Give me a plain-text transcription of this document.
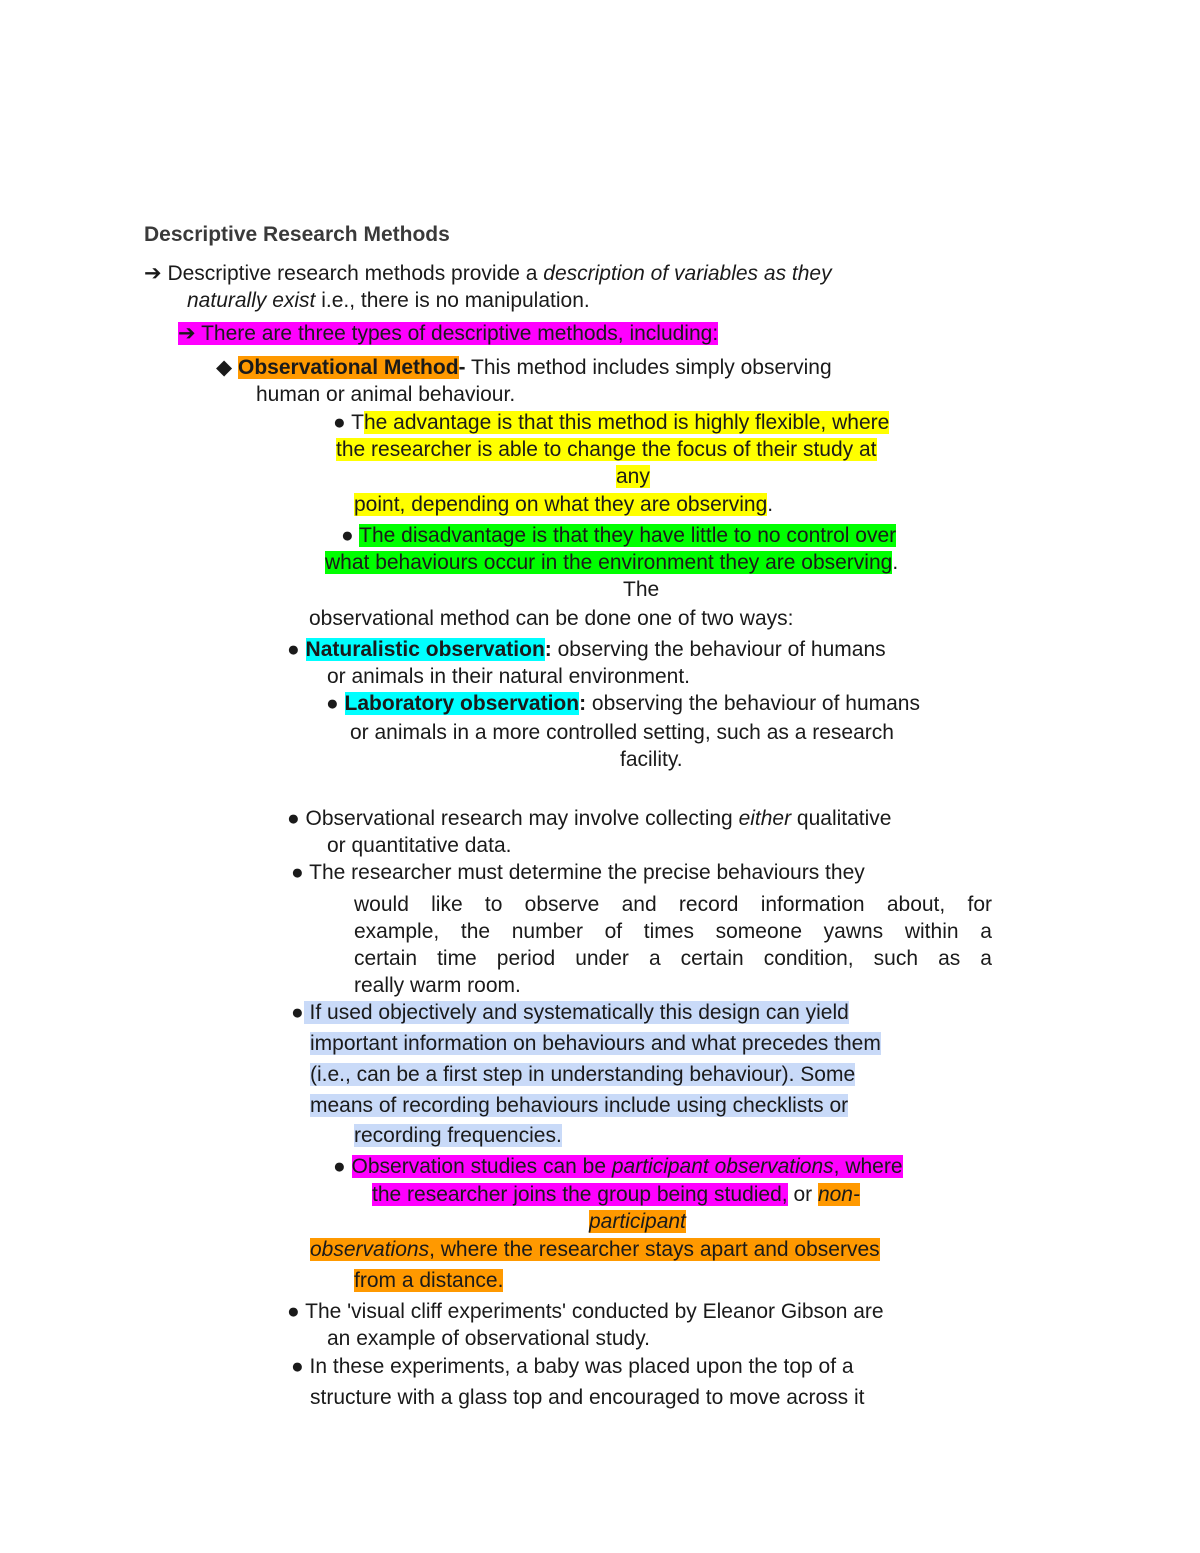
Descriptive Research Methods
➔ Descriptive research methods provide a description of variables as they
naturally exist i.e., there is no manipulation.
➔ There are three types of descriptive methods, including:
◆ Observational Method- This method includes simply observing
human or animal behaviour.
● The advantage is that this method is highly flexible, where
the researcher is able to change the focus of their study at
any
point, depending on what they are observing.
● The disadvantage is that they have little to no control over
what behaviours occur in the environment they are observing.
The
observational method can be done one of two ways:
● Naturalistic observation: observing the behaviour of humans
or animals in their natural environment.
● Laboratory observation: observing the behaviour of humans
or animals in a more controlled setting, such as a research
facility.
● Observational research may involve collecting either qualitative
or quantitative data.
● The researcher must determine the precise behaviours they
would like to observe and record information about, for
example, the number of times someone yawns within a
certain time period under a certain condition, such as a
really warm room.
● If used objectively and systematically this design can yield
important information on behaviours and what precedes them
(i.e., can be a first step in understanding behaviour). Some
means of recording behaviours include using checklists or
recording frequencies.
● Observation studies can be participant observations, where
the researcher joins the group being studied, or non-
participant
observations, where the researcher stays apart and observes
from a distance.
● The 'visual cliff experiments' conducted by Eleanor Gibson are
an example of observational study.
● In these experiments, a baby was placed upon the top of a
structure with a glass top and encouraged to move across it
